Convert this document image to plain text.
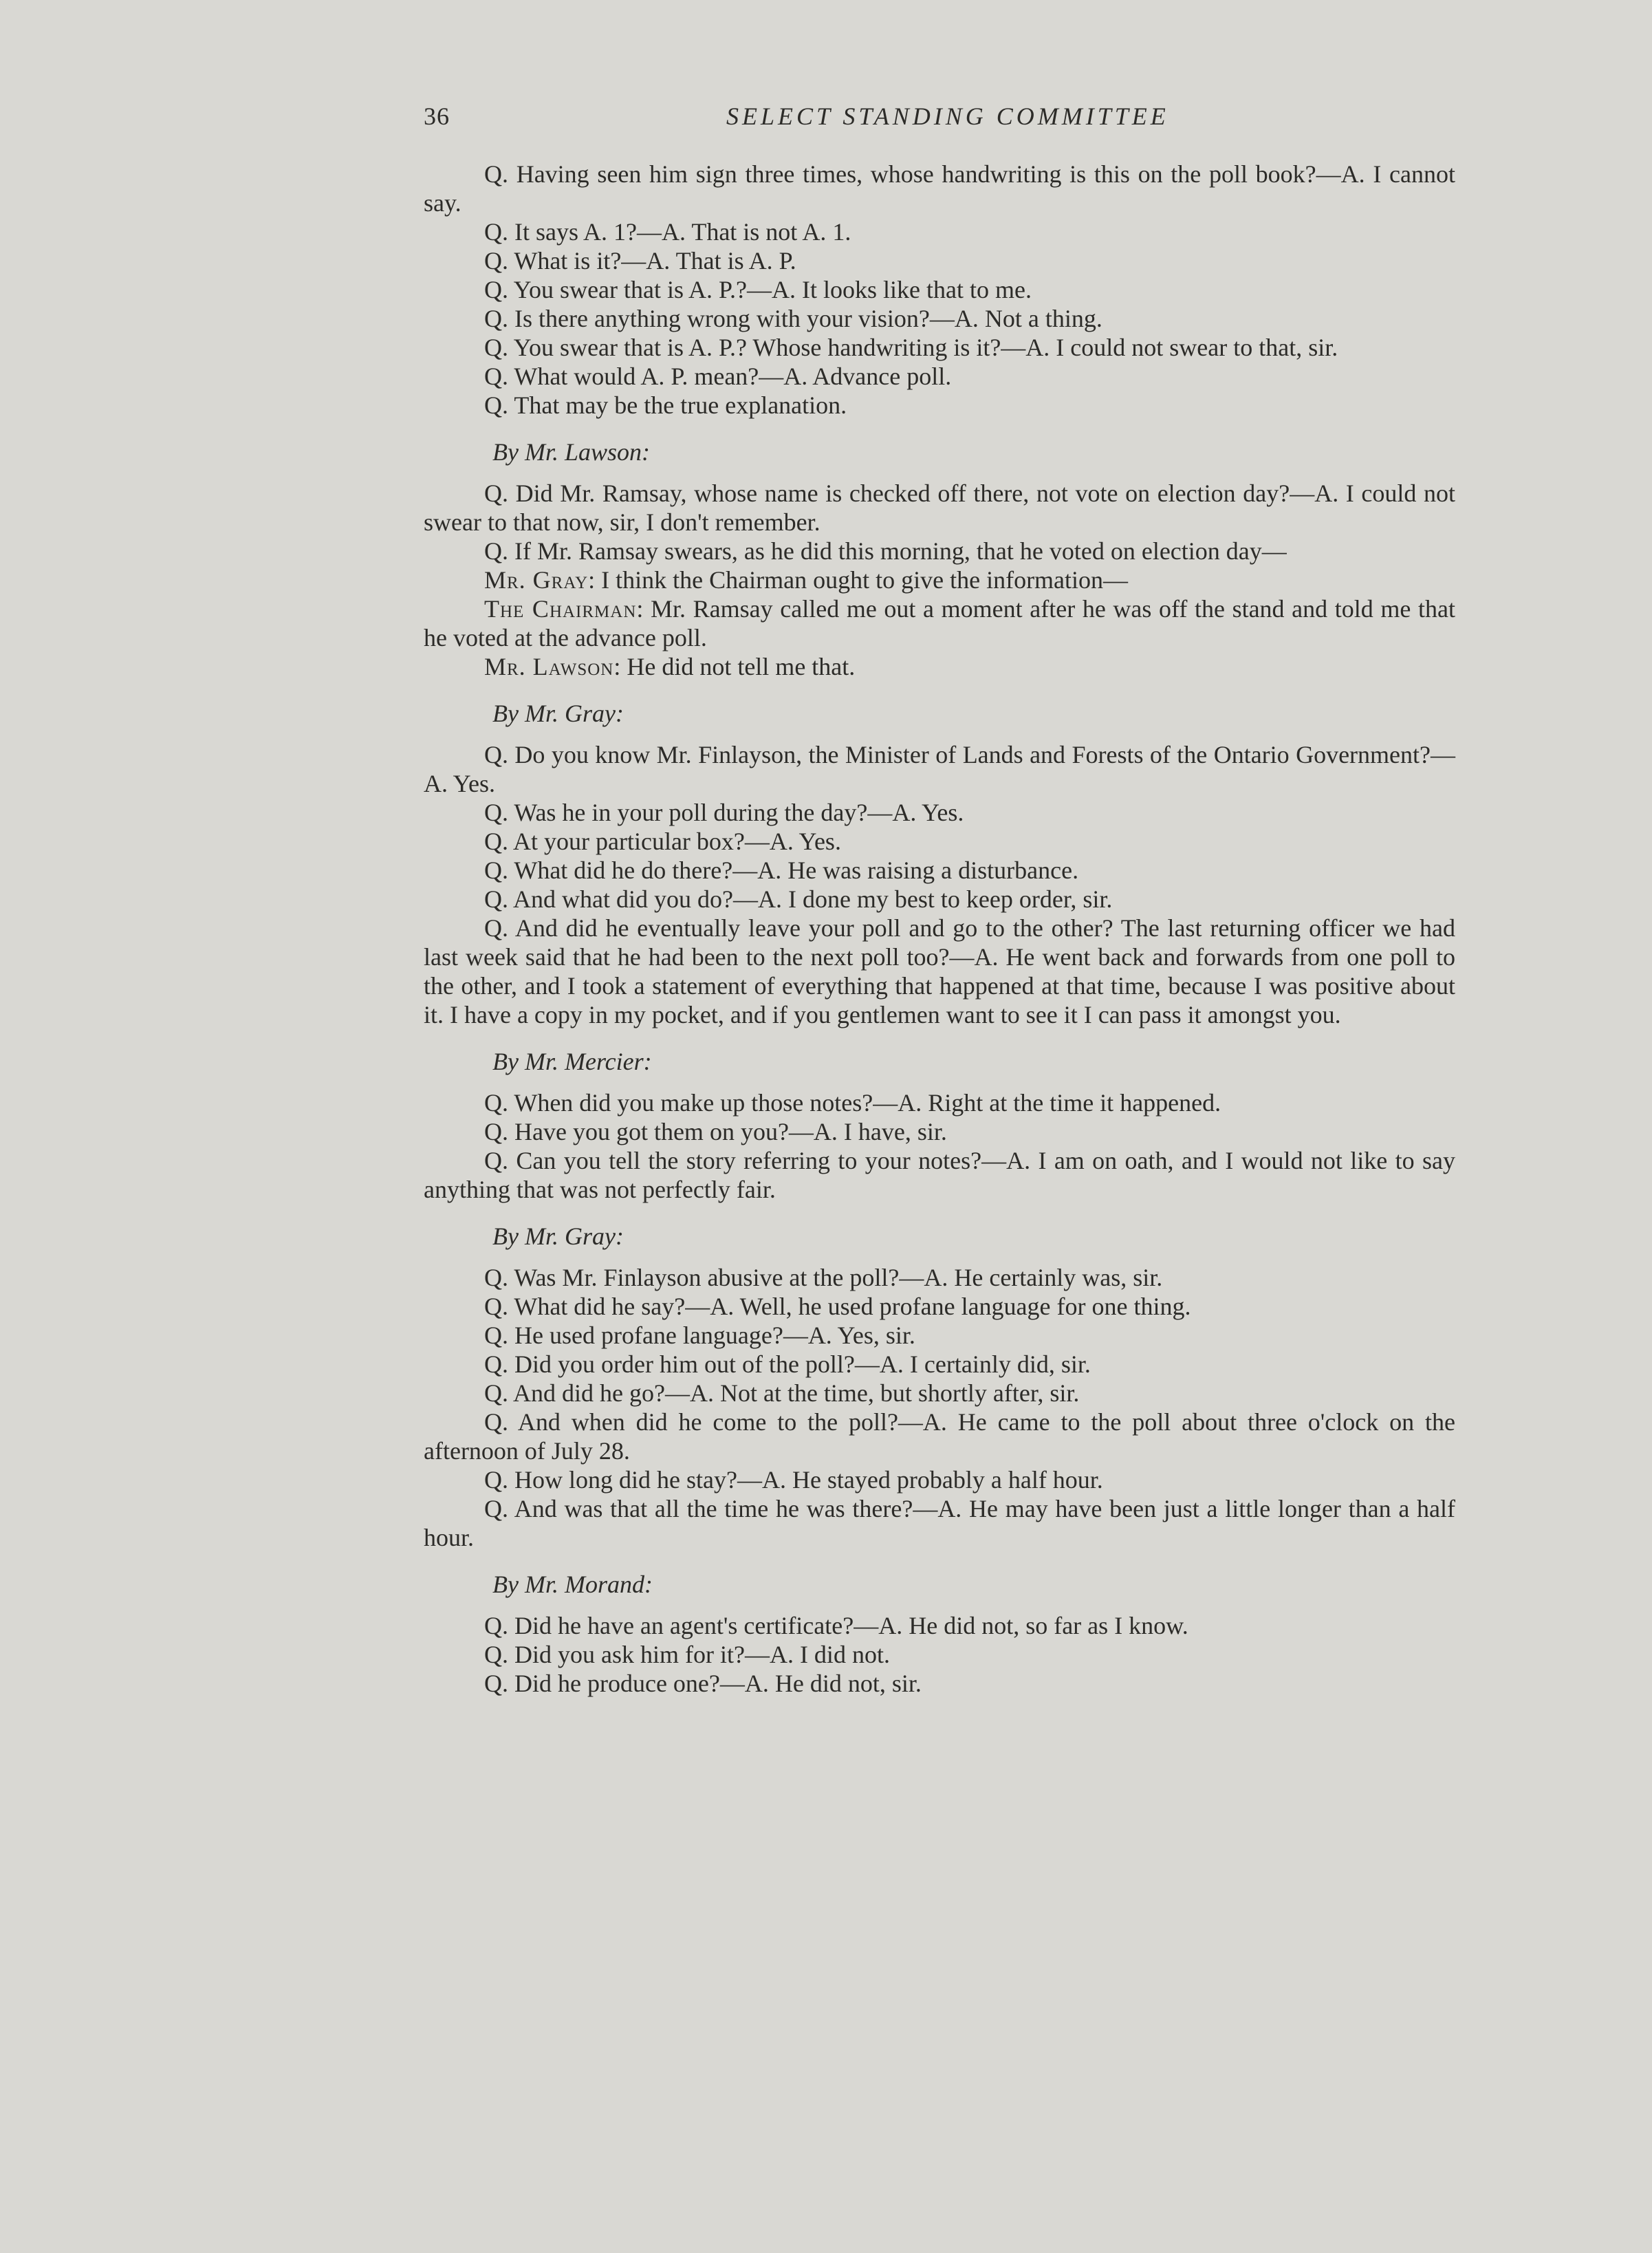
36	SELECT STANDING COMMITTEE

Q. Having seen him sign three times, whose handwriting is this on the poll book?—A. I cannot say.

Q. It says A. 1?—A. That is not A. 1.

Q. What is it?—A. That is A. P.

Q. You swear that is A. P.?—A. It looks like that to me.

Q. Is there anything wrong with your vision?—A. Not a thing.

Q. You swear that is A. P.? Whose handwriting is it?—A. I could not swear to that, sir.

Q. What would A. P. mean?—A. Advance poll.

Q. That may be the true explanation.

By Mr. Lawson:

Q. Did Mr. Ramsay, whose name is checked off there, not vote on election day?—A. I could not swear to that now, sir, I don't remember.

Q. If Mr. Ramsay swears, as he did this morning, that he voted on election day—

Mr. Gray: I think the Chairman ought to give the information—

The Chairman: Mr. Ramsay called me out a moment after he was off the stand and told me that he voted at the advance poll.

Mr. Lawson: He did not tell me that.

By Mr. Gray:

Q. Do you know Mr. Finlayson, the Minister of Lands and Forests of the Ontario Government?—A. Yes.

Q. Was he in your poll during the day?—A. Yes.

Q. At your particular box?—A. Yes.

Q. What did he do there?—A. He was raising a disturbance.

Q. And what did you do?—A. I done my best to keep order, sir.

Q. And did he eventually leave your poll and go to the other? The last returning officer we had last week said that he had been to the next poll too?—A. He went back and forwards from one poll to the other, and I took a statement of everything that happened at that time, because I was positive about it. I have a copy in my pocket, and if you gentlemen want to see it I can pass it amongst you.

By Mr. Mercier:

Q. When did you make up those notes?—A. Right at the time it happened.

Q. Have you got them on you?—A. I have, sir.

Q. Can you tell the story referring to your notes?—A. I am on oath, and I would not like to say anything that was not perfectly fair.

By Mr. Gray:

Q. Was Mr. Finlayson abusive at the poll?—A. He certainly was, sir.

Q. What did he say?—A. Well, he used profane language for one thing.

Q. He used profane language?—A. Yes, sir.

Q. Did you order him out of the poll?—A. I certainly did, sir.

Q. And did he go?—A. Not at the time, but shortly after, sir.

Q. And when did he come to the poll?—A. He came to the poll about three o'clock on the afternoon of July 28.

Q. How long did he stay?—A. He stayed probably a half hour.

Q. And was that all the time he was there?—A. He may have been just a little longer than a half hour.

By Mr. Morand:

Q. Did he have an agent's certificate?—A. He did not, so far as I know.

Q. Did you ask him for it?—A. I did not.

Q. Did he produce one?—A. He did not, sir.
